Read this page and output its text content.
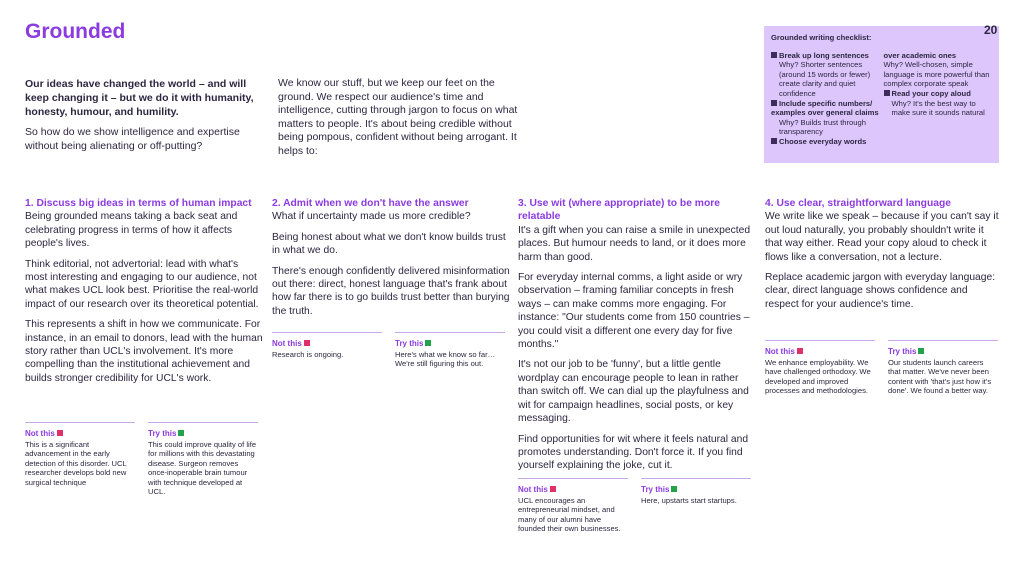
Grounded	20
Our ideas have changed the world – and will keep changing it – but we do it with humanity, honesty, humour, and humility.
So how do we show intelligence and expertise without being alienating or off-putting?
We know our stuff, but we keep our feet on the ground. We respect our audience's time and intelligence, cutting through jargon to focus on what matters to people. It's about being credible without being pompous, confident without being arrogant. It helps to:
Grounded writing checklist:
Break up long sentences
Why? Shorter sentences (around 15 words or fewer) create clarity and quiet confidence
Include specific numbers/ examples over general claims
Why? Builds trust through transparency
Choose everyday words
over academic ones
Why? Well-chosen, simple language is more powerful than complex corporate speak
Read your copy aloud
Why? It's the best way to make sure it sounds natural
1. Discuss big ideas in terms of human impact

Being grounded means taking a back seat and celebrating progress in terms of how it affects people's lives.

Think editorial, not advertorial: lead with what's most interesting and engaging to our audience, not what makes UCL look best. Prioritise the real-world impact of our research over its theoretical potential.

This represents a shift in how we communicate. For instance, in an email to donors, lead with the human story rather than UCL's involvement. It's more compelling than the institutional achievement and builds stronger credibility for UCL's work.

Not this
This is a significant advancement in the early detection of this disorder. UCL researcher develops bold new surgical technique
Try this
This could improve quality of life for millions with this devastating disease. Surgeon removes once-inoperable brain tumour with technique developed at UCL.
2. Admit when we don't have the answer

What if uncertainty made us more credible?

Being honest about what we don't know builds trust in what we do.

There's enough confidently delivered misinformation out there: direct, honest language that's frank about how far there is to go builds trust better than burying the truth.

Not this
Research is ongoing.
Try this
Here's what we know so far… We're still figuring this out.
3. Use wit (where appropriate) to be more relatable

It's a gift when you can raise a smile in unexpected places. But humour needs to land, or it does more harm than good.

For everyday internal comms, a light aside or wry observation – framing familiar concepts in fresh ways – can make comms more engaging. For instance: "Our students come from 150 countries – you could visit a different one every day for five months."

It's not our job to be 'funny', but a little gentle wordplay can encourage people to lean in rather than switch off. We can dial up the playfulness and wit for campaign headlines, social posts, or key messaging.

Find opportunities for wit where it feels natural and promotes understanding. Don't force it. If you find yourself explaining the joke, cut it.

Not this
UCL encourages an entrepreneurial mindset, and many of our alumni have founded their own businesses.
Try this
Here, upstarts start startups.
4. Use clear, straightforward language

We write like we speak – because if you can't say it out loud naturally, you probably shouldn't write it that way either. Read your copy aloud to check it flows like a conversation, not a lecture.

Replace academic jargon with everyday language: clear, direct language shows confidence and respect for your audience's time.

Not this
We enhance employability. We have challenged orthodoxy. We developed and improved processes and methodologies.
Try this
Our students launch careers that matter. We've never been content with 'that's just how it's done'. We found a better way.
